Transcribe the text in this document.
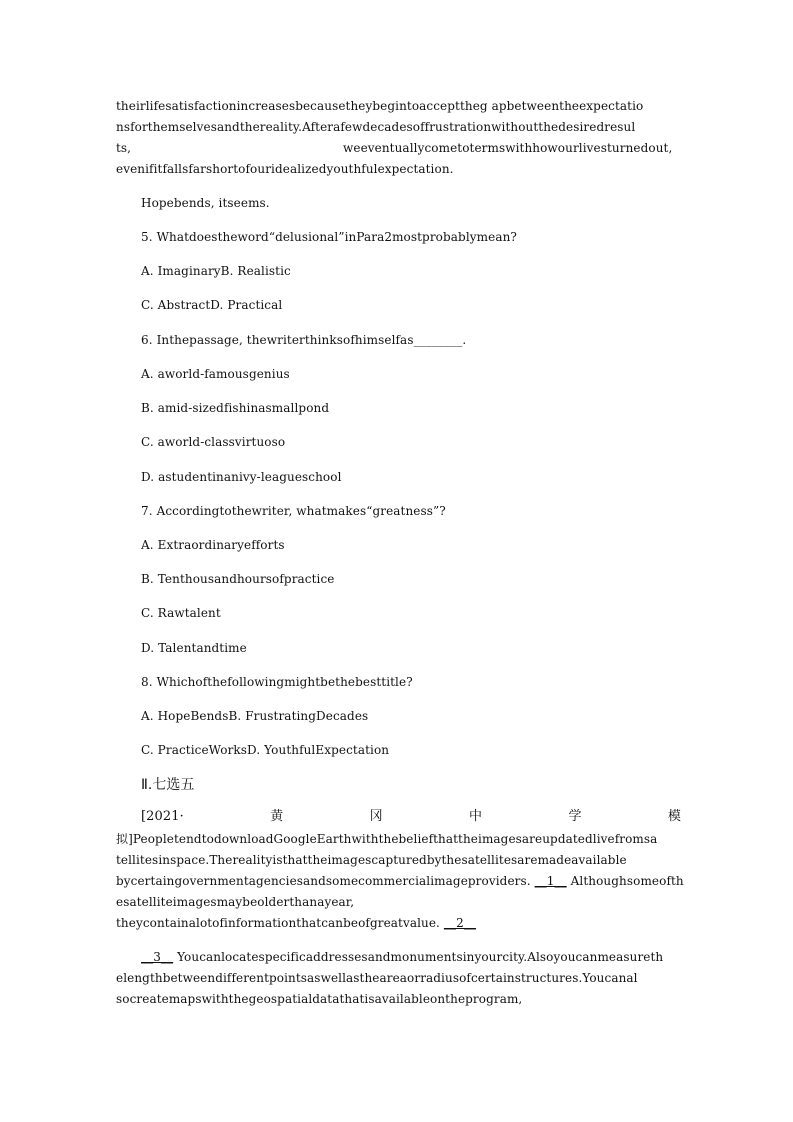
theirlifesatisfactionincreasesbecausetheybegintoaccepttheg apbetweentheexpectatio
nsforthemselvesandthereality.Afterafewdecadesoffrustrationwithoutthedesiredresul
ts,	weeventuallycometotermswithhowourlivesturnedout,
evenifitfallsfarshortofouridealizedyouthfulexpectation.
Hopebends, itseems.
5. Whatdoestheword“delusional”inPara2mostprobablymean?
A. ImaginaryB. Realistic
C. AbstractD. Practical
6. Inthepassage, thewriterthinksofhimselfas________.
A. aworld-famousgenius
B. amid-sizedfishinasmallpond
C. aworld-classvirtuoso
D. astudentinanivy-leagueschool
7. Accordingtothewriter, whatmakes“greatness”?
A. Extraordinaryefforts
B. Tenthousandhoursofpractice
C. Rawtalent
D. Talentandtime
8. Whichofthefollowingmightbethebesttitle?
A. HopeBendsB. FrustratingDecades
C. PracticeWorksD. YouthfulExpectation
Ⅱ.七选五
[2021·	黄	冈	中	学	模
拟]PeopletendtodownloadGoogleEarthwiththebeliefthattheimagesareupdatedlivefromsa
tellitesinspace.Therealityisthattheimagescapturedbythesatellitesaremadeavailable
bycertaingovernmentagenciesandsomecommercialimageproviders. __1__ Althoughsomeofth
esatelliteimagesmaybeolderthanayear,
theycontainalotofinformationthatcanbeofgreatvalue. __2__
__3__ Youcanlocatespecificaddressesandmonumentsinyourcity.Alsoyoucanmeasureth
elengthbetweendifferentpointsaswellastheareaorradiusofcertainstructures.Youcanal
socreatemapswiththegeospatialdatathatisavailableontheprogram,
